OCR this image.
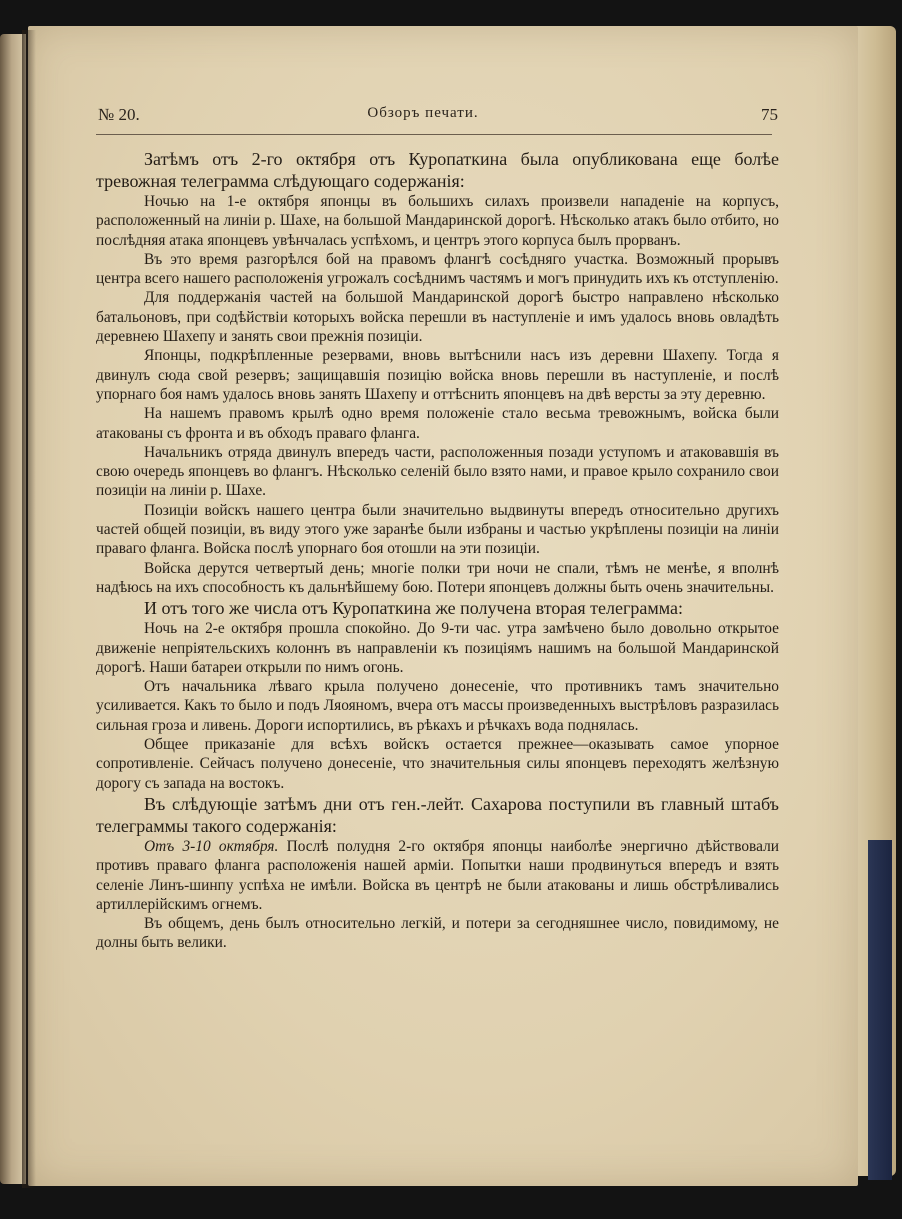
№ 20.	Обзоръ печати.	75

Затѣмъ отъ 2-го октября отъ Куропаткина была опубликована еще болѣе тревожная телеграмма слѣдующаго содержанія:

Ночью на 1-е октября японцы въ большихъ силахъ произвели нападеніе на корпусъ, расположенный на линіи р. Шахе, на большой Мандаринской дорогѣ. Нѣсколько атакъ было отбито, но послѣдняя атака японцевъ увѣнчалась успѣхомъ, и центръ этого корпуса былъ прорванъ.

Въ это время разгорѣлся бой на правомъ флангѣ сосѣдняго участка. Возможный прорывъ центра всего нашего расположенія угрожалъ сосѣднимъ частямъ и могъ принудить ихъ къ отступленію.

Для поддержанія частей на большой Мандаринской дорогѣ быстро направлено нѣсколько батальоновъ, при содѣйствіи которыхъ войска перешли въ наступленіе и имъ удалось вновь овладѣть деревнею Шахепу и занять свои прежнія позиціи.

Японцы, подкрѣпленные резервами, вновь вытѣснили насъ изъ деревни Шахепу. Тогда я двинулъ сюда свой резервъ; защищавшія позицію войска вновь перешли въ наступленіе, и послѣ упорнаго боя намъ удалось вновь занять Шахепу и оттѣснить японцевъ на двѣ версты за эту деревню.

На нашемъ правомъ крылѣ одно время положеніе стало весьма тревожнымъ, войска были атакованы съ фронта и въ обходъ праваго фланга.

Начальникъ отряда двинулъ впередъ части, расположенныя позади уступомъ и атаковавшія въ свою очередь японцевъ во флангъ. Нѣсколько селеній было взято нами, и правое крыло сохранило свои позиціи на линіи р. Шахе.

Позиціи войскъ нашего центра были значительно выдвинуты впередъ относительно другихъ частей общей позиціи, въ виду этого уже заранѣе были избраны и частью укрѣплены позиціи на линіи праваго фланга. Войска послѣ упорнаго боя отошли на эти позиціи.

Войска дерутся четвертый день; многіе полки три ночи не спали, тѣмъ не менѣе, я вполнѣ надѣюсь на ихъ способность къ дальнѣйшему бою. Потери японцевъ должны быть очень значительны.

И отъ того же числа отъ Куропаткина же получена вторая телеграмма:

Ночь на 2-е октября прошла спокойно. До 9-ти час. утра замѣчено было довольно открытое движеніе непріятельскихъ колоннъ въ направленіи къ позиціямъ нашимъ на большой Мандаринской дорогѣ. Наши батареи открыли по нимъ огонь.

Отъ начальника лѣваго крыла получено донесеніе, что противникъ тамъ значительно усиливается. Какъ то было и подъ Ляояномъ, вчера отъ массы произведенныхъ выстрѣловъ разразилась сильная гроза и ливень. Дороги испортились, въ рѣкахъ и рѣчкахъ вода поднялась.

Общее приказаніе для всѣхъ войскъ остается прежнее—оказывать самое упорное сопротивленіе. Сейчасъ получено донесеніе, что значительныя силы японцевъ переходятъ желѣзную дорогу съ запада на востокъ.

Въ слѣдующіе затѣмъ дни отъ ген.-лейт. Сахарова поступили въ главный штабъ телеграммы такого содержанія:

Отъ 3-10 октября. Послѣ полудня 2-го октября японцы наиболѣе энергично дѣйствовали противъ праваго фланга расположенія нашей арміи. Попытки наши продвинуться впередъ и взять селеніе Линъ-шинпу успѣха не имѣли. Войска въ центрѣ не были атакованы и лишь обстрѣливались артиллерійскимъ огнемъ.

Въ общемъ, день былъ относительно легкій, и потери за сегодняшнее число, повидимому, не долны быть велики.
